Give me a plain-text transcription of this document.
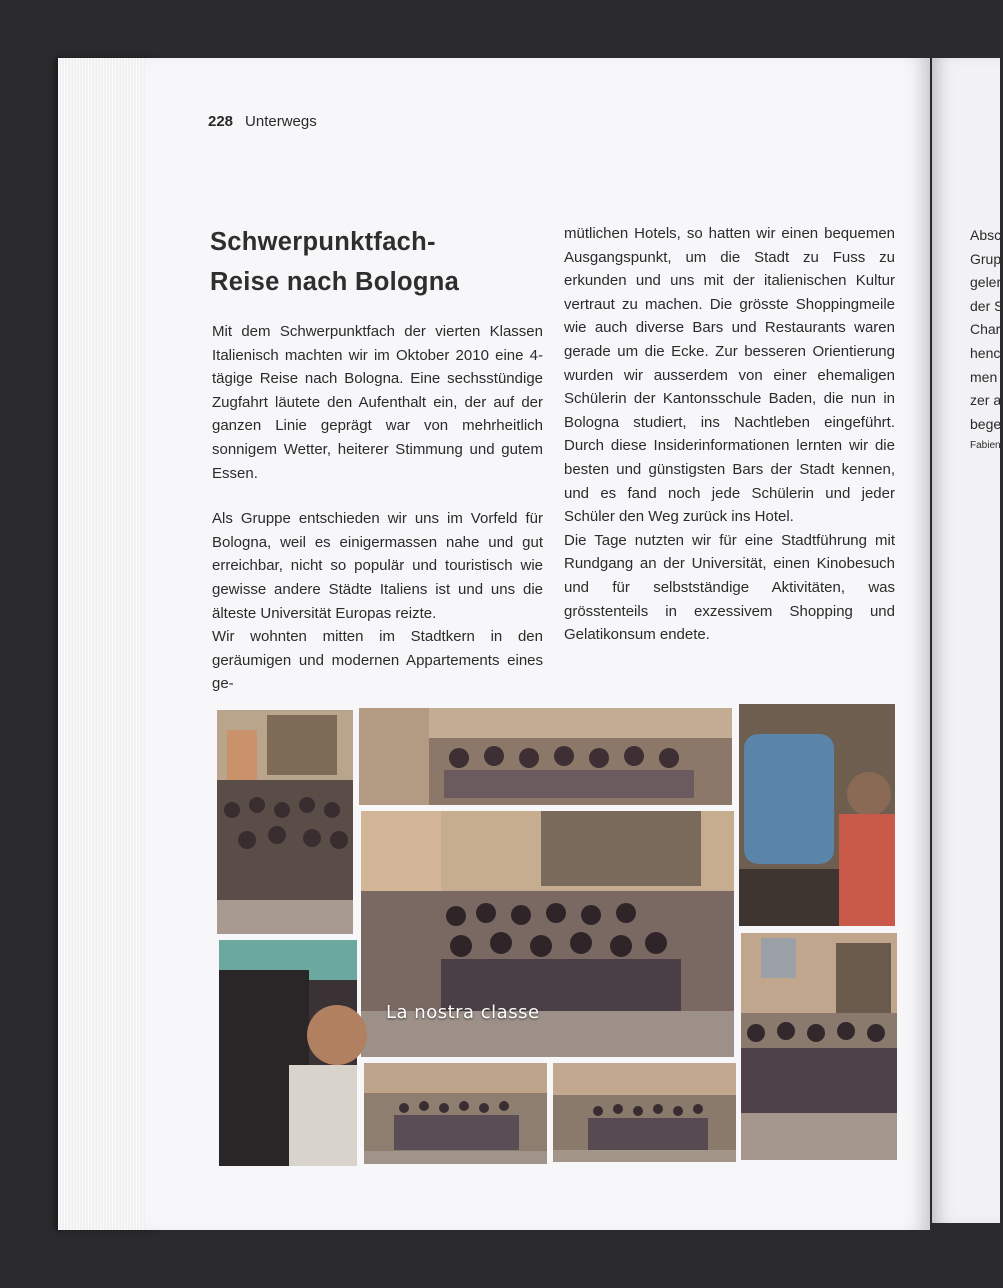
228 Unterwegs
Schwerpunktfach-
Reise nach Bologna

Mit dem Schwerpunktfach der vierten Klassen Italienisch machten wir im Oktober 2010 eine 4-tägige Reise nach Bologna. Eine sechsstündige Zugfahrt läutete den Aufenthalt ein, der auf der ganzen Linie geprägt war von mehrheitlich sonnigem Wetter, heiterer Stimmung und gutem Essen.

Als Gruppe entschieden wir uns im Vorfeld für Bologna, weil es einigermassen nahe und gut erreichbar, nicht so populär und touristisch wie gewisse andere Städte Italiens ist und uns die älteste Universität Europas reizte.

Wir wohnten mitten im Stadtkern in den geräumigen und modernen Appartements eines ge-

mütlichen Hotels, so hatten wir einen bequemen Ausgangspunkt, um die Stadt zu Fuss zu erkunden und uns mit der italienischen Kultur vertraut zu machen. Die grösste Shoppingmeile wie auch diverse Bars und Restaurants waren gerade um die Ecke. Zur besseren Orientierung wurden wir ausserdem von einer ehemaligen Schülerin der Kantonsschule Baden, die nun in Bologna studiert, ins Nachtleben eingeführt. Durch diese Insiderinformationen lernten wir die besten und günstigsten Bars der Stadt kennen, und es fand noch jede Schülerin und jeder Schüler den Weg zurück ins Hotel.

Die Tage nutzten wir für eine Stadtführung mit Rundgang an der Universität, einen Kinobesuch und für selbstständige Aktivitäten, was grösstenteils in exzessivem Shopping und Gelatikonsum endete.

Absc
Grup
geler
der S
Char
henc
men
zer a
bege
Fabien
La nostra classe
